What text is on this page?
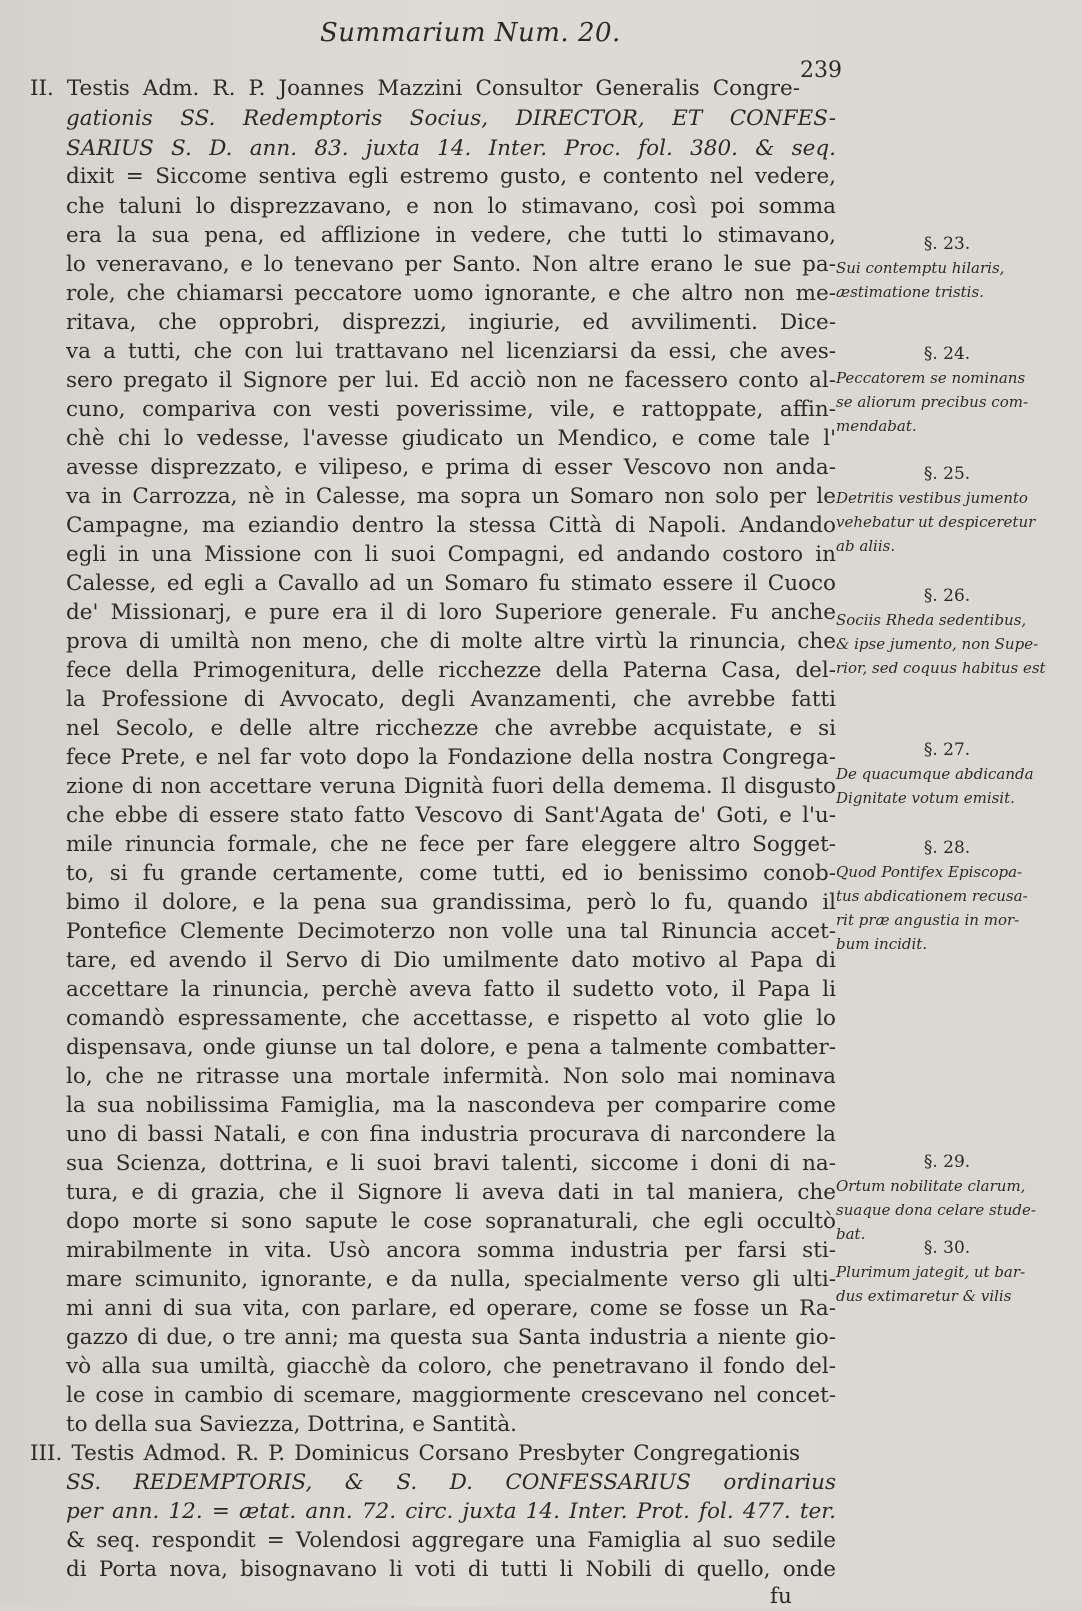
Summarium Num. 20.
239
II. Testis Adm. R. P. Joannes Mazzini Consultor Generalis Congre-
gationis SS. Redemptoris Socius, DIRECTOR, ET CONFES-
SARIUS S. D. ann. 83. juxta 14. Inter. Proc. fol. 380. & seq.
dixit = Siccome sentiva egli estremo gusto, e contento nel vedere,
che taluni lo disprezzavano, e non lo stimavano, così poi somma
era la sua pena, ed afflizione in vedere, che tutti lo stimavano,
lo veneravano, e lo tenevano per Santo. Non altre erano le sue pa-
role, che chiamarsi peccatore uomo ignorante, e che altro non me-
ritava, che opprobri, disprezzi, ingiurie, ed avvilimenti. Dice-
va a tutti, che con lui trattavano nel licenziarsi da essi, che aves-
sero pregato il Signore per lui. Ed acciò non ne facessero conto al-
cuno, compariva con vesti poverissime, vile, e rattoppate, affin-
chè chi lo vedesse, l'avesse giudicato un Mendico, e come tale l'
avesse disprezzato, e vilipeso, e prima di esser Vescovo non anda-
va in Carrozza, nè in Calesse, ma sopra un Somaro non solo per le
Campagne, ma eziandio dentro la stessa Città di Napoli. Andando
egli in una Missione con li suoi Compagni, ed andando costoro in
Calesse, ed egli a Cavallo ad un Somaro fu stimato essere il Cuoco
de' Missionarj, e pure era il di loro Superiore generale. Fu anche
prova di umiltà non meno, che di molte altre virtù la rinuncia, che
fece della Primogenitura, delle ricchezze della Paterna Casa, del-
la Professione di Avvocato, degli Avanzamenti, che avrebbe fatti
nel Secolo, e delle altre ricchezze che avrebbe acquistate, e si
fece Prete, e nel far voto dopo la Fondazione della nostra Congrega-
zione di non accettare veruna Dignità fuori della demema. Il disgusto
che ebbe di essere stato fatto Vescovo di Sant'Agata de' Goti, e l'u-
mile rinuncia formale, che ne fece per fare eleggere altro Sogget-
to, si fu grande certamente, come tutti, ed io benissimo conob-
bimo il dolore, e la pena sua grandissima, però lo fu, quando il
Pontefice Clemente Decimoterzo non volle una tal Rinuncia accet-
tare, ed avendo il Servo di Dio umilmente dato motivo al Papa di
accettare la rinuncia, perchè aveva fatto il sudetto voto, il Papa li
comandò espressamente, che accettasse, e rispetto al voto glie lo
dispensava, onde giunse un tal dolore, e pena a talmente combatter-
lo, che ne ritrasse una mortale infermità. Non solo mai nominava
la sua nobilissima Famiglia, ma la nascondeva per comparire come
uno di bassi Natali, e con fina industria procurava di narcondere la
sua Scienza, dottrina, e li suoi bravi talenti, siccome i doni di na-
tura, e di grazia, che il Signore li aveva dati in tal maniera, che
dopo morte si sono sapute le cose sopranaturali, che egli occultò
mirabilmente in vita. Usò ancora somma industria per farsi sti-
mare scimunito, ignorante, e da nulla, specialmente verso gli ulti-
mi anni di sua vita, con parlare, ed operare, come se fosse un Ra-
gazzo di due, o tre anni; ma questa sua Santa industria a niente gio-
vò alla sua umiltà, giacchè da coloro, che penetravano il fondo del-
le cose in cambio di scemare, maggiormente crescevano nel concet-
to della sua Saviezza, Dottrina, e Santità.
III. Testis Admod. R. P. Dominicus Corsano Presbyter Congregationis
SS. REDEMPTORIS, & S. D. CONFESSARIUS ordinarius
per ann. 12. = ætat. ann. 72. circ. juxta 14. Inter. Prot. fol. 477. ter.
& seq. respondit = Volendosi aggregare una Famiglia al suo sedile
di Porta nova, bisognavano li voti di tutti li Nobili di quello, onde
fu
§. 23.
Sui contemptu hilaris,
æstimatione tristis.
§. 24.
Peccatorem se nominans
se aliorum precibus com-
mendabat.
§. 25.
Detritis vestibus jumento
vehebatur ut despiceretur
ab aliis.
§. 26.
Sociis Rheda sedentibus,
& ipse jumento, non Supe-
rior, sed coquus habitus est
§. 27.
De quacumque abdicanda
Dignitate votum emisit.
§. 28.
Quod Pontifex Episcopa-
tus abdicationem recusa-
rit præ angustia in mor-
bum incidit.
§. 29.
Ortum nobilitate clarum,
suaque dona celare stude-
bat.
§. 30.
Plurimum jategit, ut bar-
dus extimaretur & vilis
